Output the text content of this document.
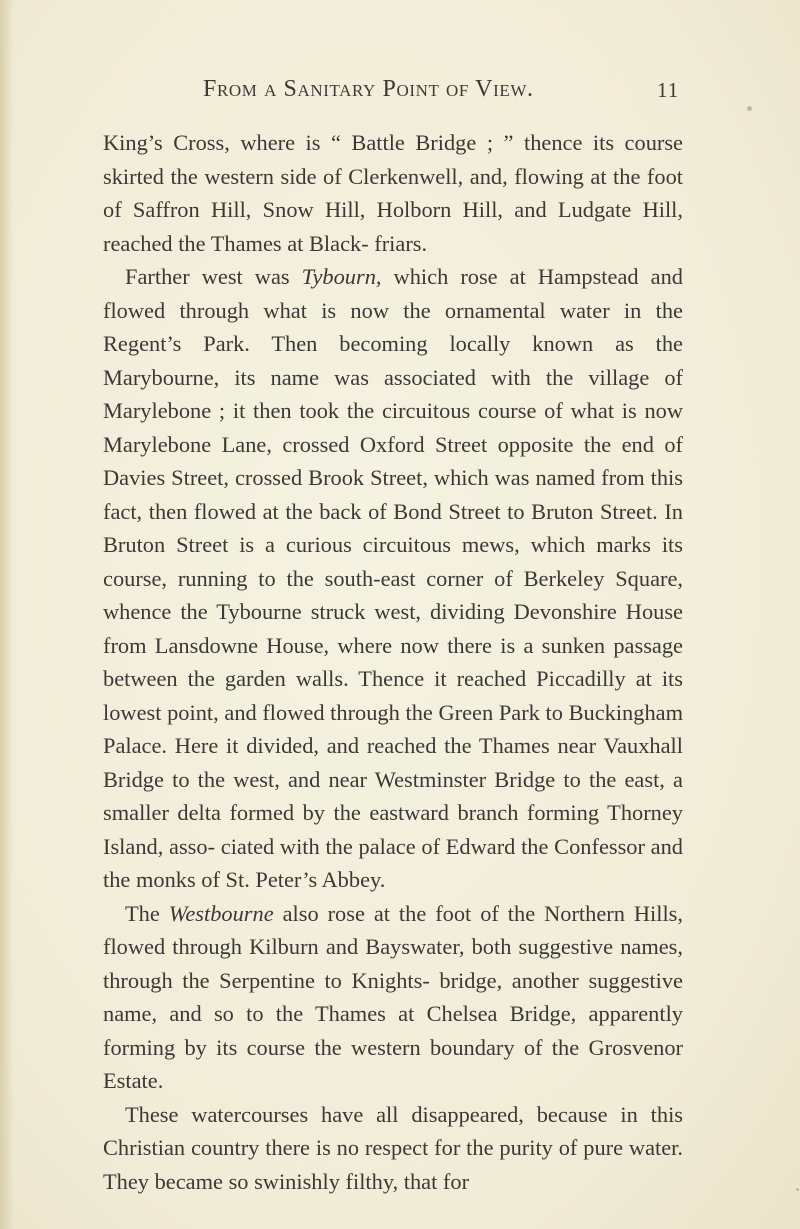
From a Sanitary Point of View.	11

King’s Cross, where is “ Battle Bridge ; ” thence its course skirted the western side of Clerkenwell, and, flowing at the foot of Saffron Hill, Snow Hill, Holborn Hill, and Ludgate Hill, reached the Thames at Black- friars.

Farther west was Tybourn, which rose at Hampstead and flowed through what is now the ornamental water in the Regent’s Park. Then becoming locally known as the Marybourne, its name was associated with the village of Marylebone ; it then took the circuitous course of what is now Marylebone Lane, crossed Oxford Street opposite the end of Davies Street, crossed Brook Street, which was named from this fact, then flowed at the back of Bond Street to Bruton Street. In Bruton Street is a curious circuitous mews, which marks its course, running to the south-east corner of Berkeley Square, whence the Tybourne struck west, dividing Devonshire House from Lansdowne House, where now there is a sunken passage between the garden walls. Thence it reached Piccadilly at its lowest point, and flowed through the Green Park to Buckingham Palace. Here it divided, and reached the Thames near Vauxhall Bridge to the west, and near Westminster Bridge to the east, a smaller delta formed by the eastward branch forming Thorney Island, asso- ciated with the palace of Edward the Confessor and the monks of St. Peter’s Abbey.

The Westbourne also rose at the foot of the Northern Hills, flowed through Kilburn and Bayswater, both suggestive names, through the Serpentine to Knights- bridge, another suggestive name, and so to the Thames at Chelsea Bridge, apparently forming by its course the western boundary of the Grosvenor Estate.

These watercourses have all disappeared, because in this Christian country there is no respect for the purity of pure water. They became so swinishly filthy, that for
